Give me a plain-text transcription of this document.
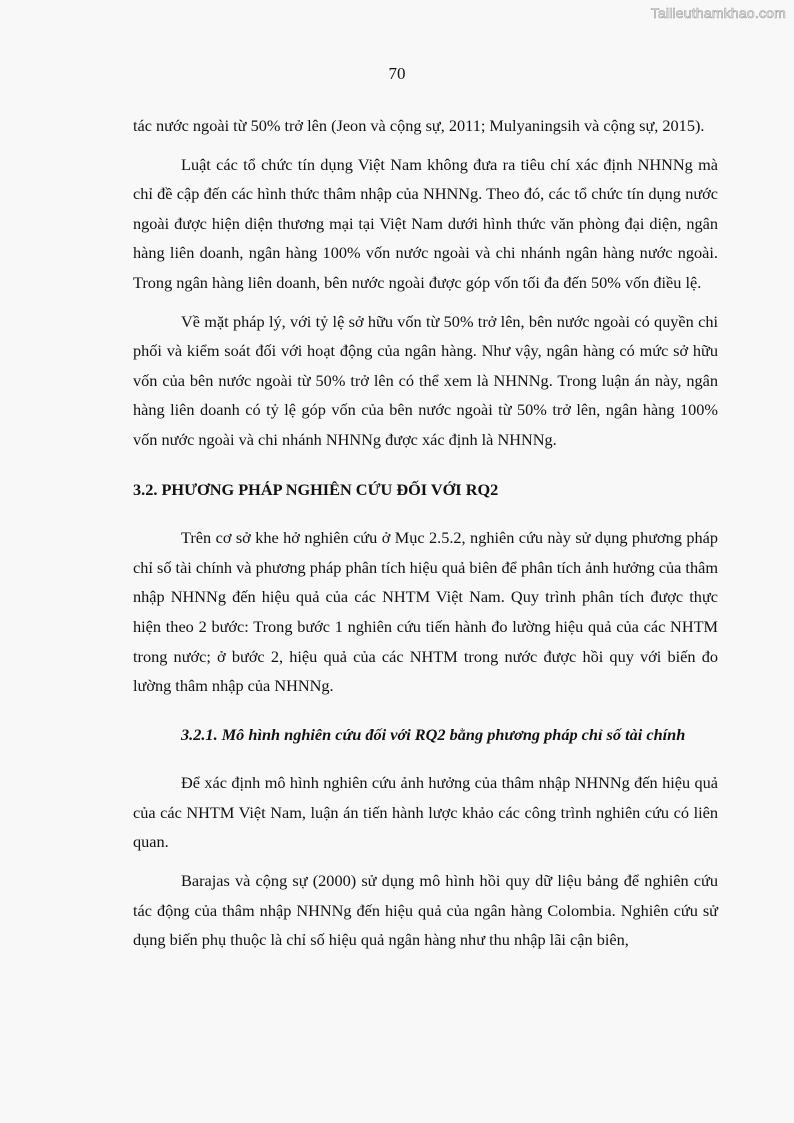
Tailieuthamkhao.com
70

tác nước ngoài từ 50% trở lên (Jeon và cộng sự, 2011; Mulyaningsih và cộng sự, 2015).

Luật các tổ chức tín dụng Việt Nam không đưa ra tiêu chí xác định NHNNg mà chỉ đề cập đến các hình thức thâm nhập của NHNNg. Theo đó, các tổ chức tín dụng nước ngoài được hiện diện thương mại tại Việt Nam dưới hình thức văn phòng đại diện, ngân hàng liên doanh, ngân hàng 100% vốn nước ngoài và chi nhánh ngân hàng nước ngoài. Trong ngân hàng liên doanh, bên nước ngoài được góp vốn tối đa đến 50% vốn điều lệ.

Về mặt pháp lý, với tỷ lệ sở hữu vốn từ 50% trở lên, bên nước ngoài có quyền chi phối và kiểm soát đối với hoạt động của ngân hàng. Như vậy, ngân hàng có mức sở hữu vốn của bên nước ngoài từ 50% trở lên có thể xem là NHNNg. Trong luận án này, ngân hàng liên doanh có tỷ lệ góp vốn của bên nước ngoài từ 50% trở lên, ngân hàng 100% vốn nước ngoài và chi nhánh NHNNg được xác định là NHNNg.

3.2. PHƯƠNG PHÁP NGHIÊN CỨU ĐỐI VỚI RQ2

Trên cơ sở khe hở nghiên cứu ở Mục 2.5.2, nghiên cứu này sử dụng phương pháp chỉ số tài chính và phương pháp phân tích hiệu quả biên để phân tích ảnh hưởng của thâm nhập NHNNg đến hiệu quả của các NHTM Việt Nam. Quy trình phân tích được thực hiện theo 2 bước: Trong bước 1 nghiên cứu tiến hành đo lường hiệu quả của các NHTM trong nước; ở bước 2, hiệu quả của các NHTM trong nước được hồi quy với biến đo lường thâm nhập của NHNNg.

3.2.1. Mô hình nghiên cứu đối với RQ2 bằng phương pháp chỉ số tài chính

Để xác định mô hình nghiên cứu ảnh hưởng của thâm nhập NHNNg đến hiệu quả của các NHTM Việt Nam, luận án tiến hành lược khảo các công trình nghiên cứu có liên quan.

Barajas và cộng sự (2000) sử dụng mô hình hồi quy dữ liệu bảng để nghiên cứu tác động của thâm nhập NHNNg đến hiệu quả của ngân hàng Colombia. Nghiên cứu sử dụng biến phụ thuộc là chỉ số hiệu quả ngân hàng như thu nhập lãi cận biên,
